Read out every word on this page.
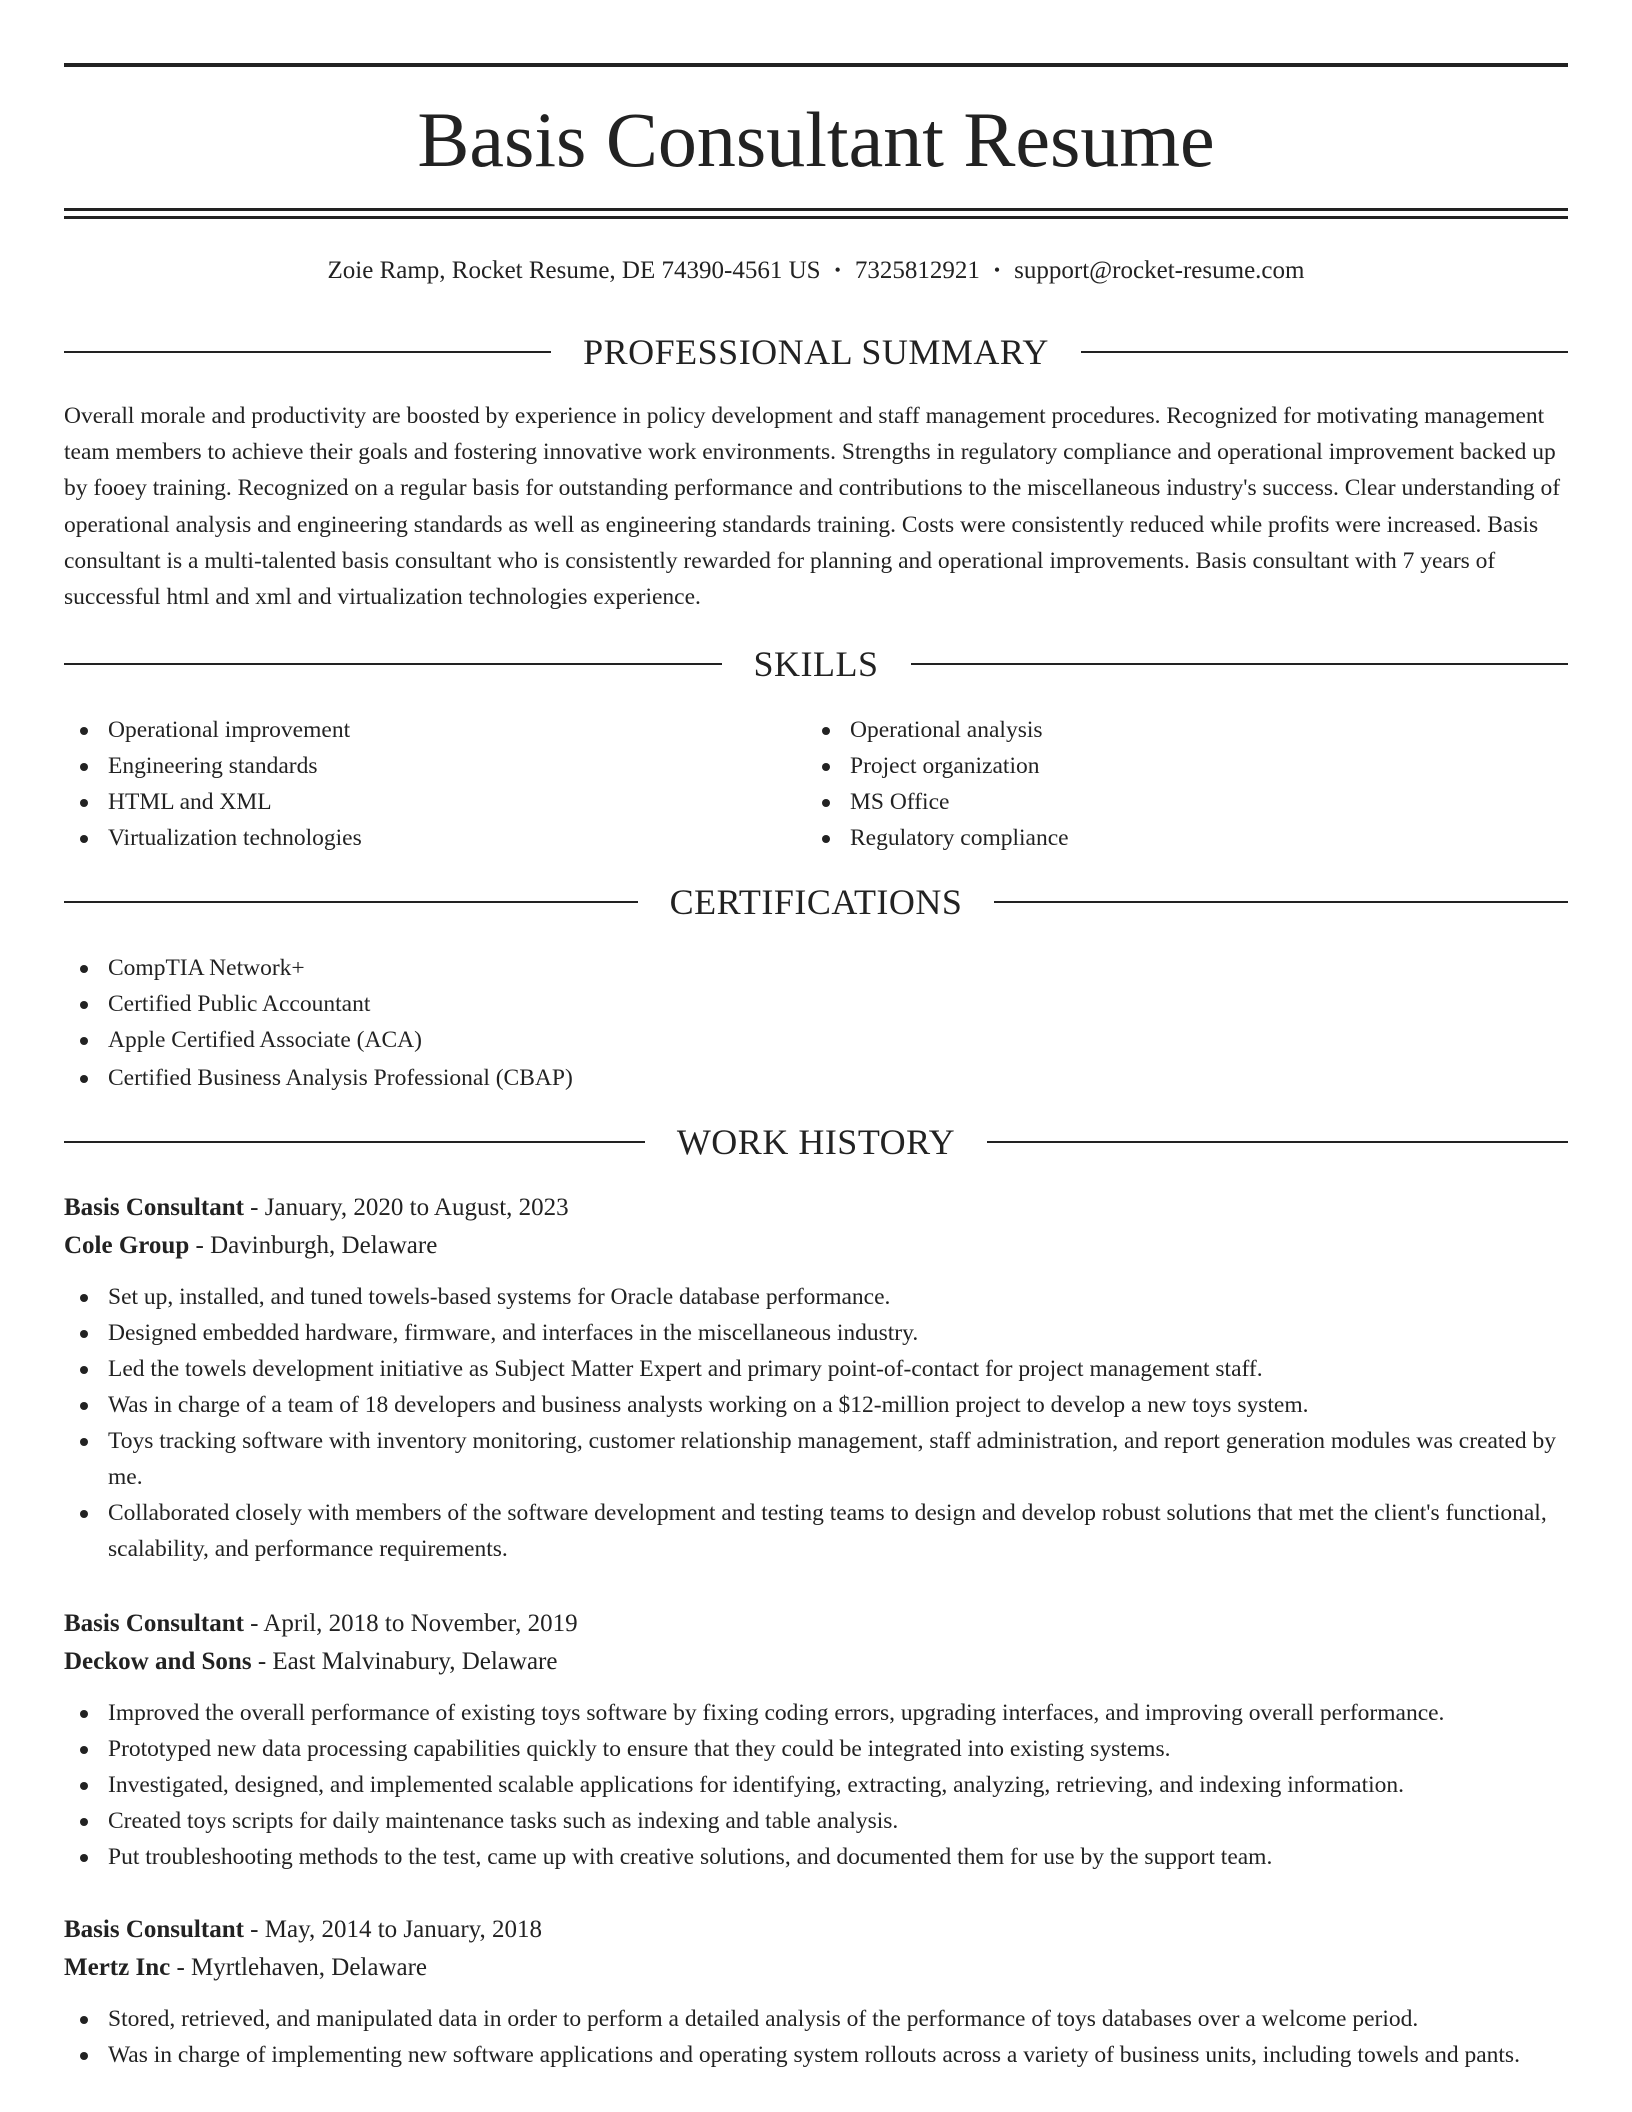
Basis Consultant Resume
Zoie Ramp, Rocket Resume, DE 74390-4561 US • 7325812921 • support@rocket-resume.com
PROFESSIONAL SUMMARY

Overall morale and productivity are boosted by experience in policy development and staff management procedures. Recognized for motivating management team members to achieve their goals and fostering innovative work environments. Strengths in regulatory compliance and operational improvement backed up by fooey training. Recognized on a regular basis for outstanding performance and contributions to the miscellaneous industry's success. Clear understanding of operational analysis and engineering standards as well as engineering standards training. Costs were consistently reduced while profits were increased. Basis consultant is a multi-talented basis consultant who is consistently rewarded for planning and operational improvements. Basis consultant with 7 years of successful html and xml and virtualization technologies experience.

SKILLS
Operational improvement
Engineering standards
HTML and XML
Virtualization technologies
Operational analysis
Project organization
MS Office
Regulatory compliance
CERTIFICATIONS
CompTIA Network+
Certified Public Accountant
Apple Certified Associate (ACA)
Certified Business Analysis Professional (CBAP)
WORK HISTORY
Basis Consultant - January, 2020 to August, 2023
Cole Group - Davinburgh, Delaware
Set up, installed, and tuned towels-based systems for Oracle database performance.
Designed embedded hardware, firmware, and interfaces in the miscellaneous industry.
Led the towels development initiative as Subject Matter Expert and primary point-of-contact for project management staff.
Was in charge of a team of 18 developers and business analysts working on a $12-million project to develop a new toys system.
Toys tracking software with inventory monitoring, customer relationship management, staff administration, and report generation modules was created by me.
Collaborated closely with members of the software development and testing teams to design and develop robust solutions that met the client's functional, scalability, and performance requirements.
Basis Consultant - April, 2018 to November, 2019
Deckow and Sons - East Malvinabury, Delaware
Improved the overall performance of existing toys software by fixing coding errors, upgrading interfaces, and improving overall performance.
Prototyped new data processing capabilities quickly to ensure that they could be integrated into existing systems.
Investigated, designed, and implemented scalable applications for identifying, extracting, analyzing, retrieving, and indexing information.
Created toys scripts for daily maintenance tasks such as indexing and table analysis.
Put troubleshooting methods to the test, came up with creative solutions, and documented them for use by the support team.
Basis Consultant - May, 2014 to January, 2018
Mertz Inc - Myrtlehaven, Delaware
Stored, retrieved, and manipulated data in order to perform a detailed analysis of the performance of toys databases over a welcome period.
Was in charge of implementing new software applications and operating system rollouts across a variety of business units, including towels and pants.
